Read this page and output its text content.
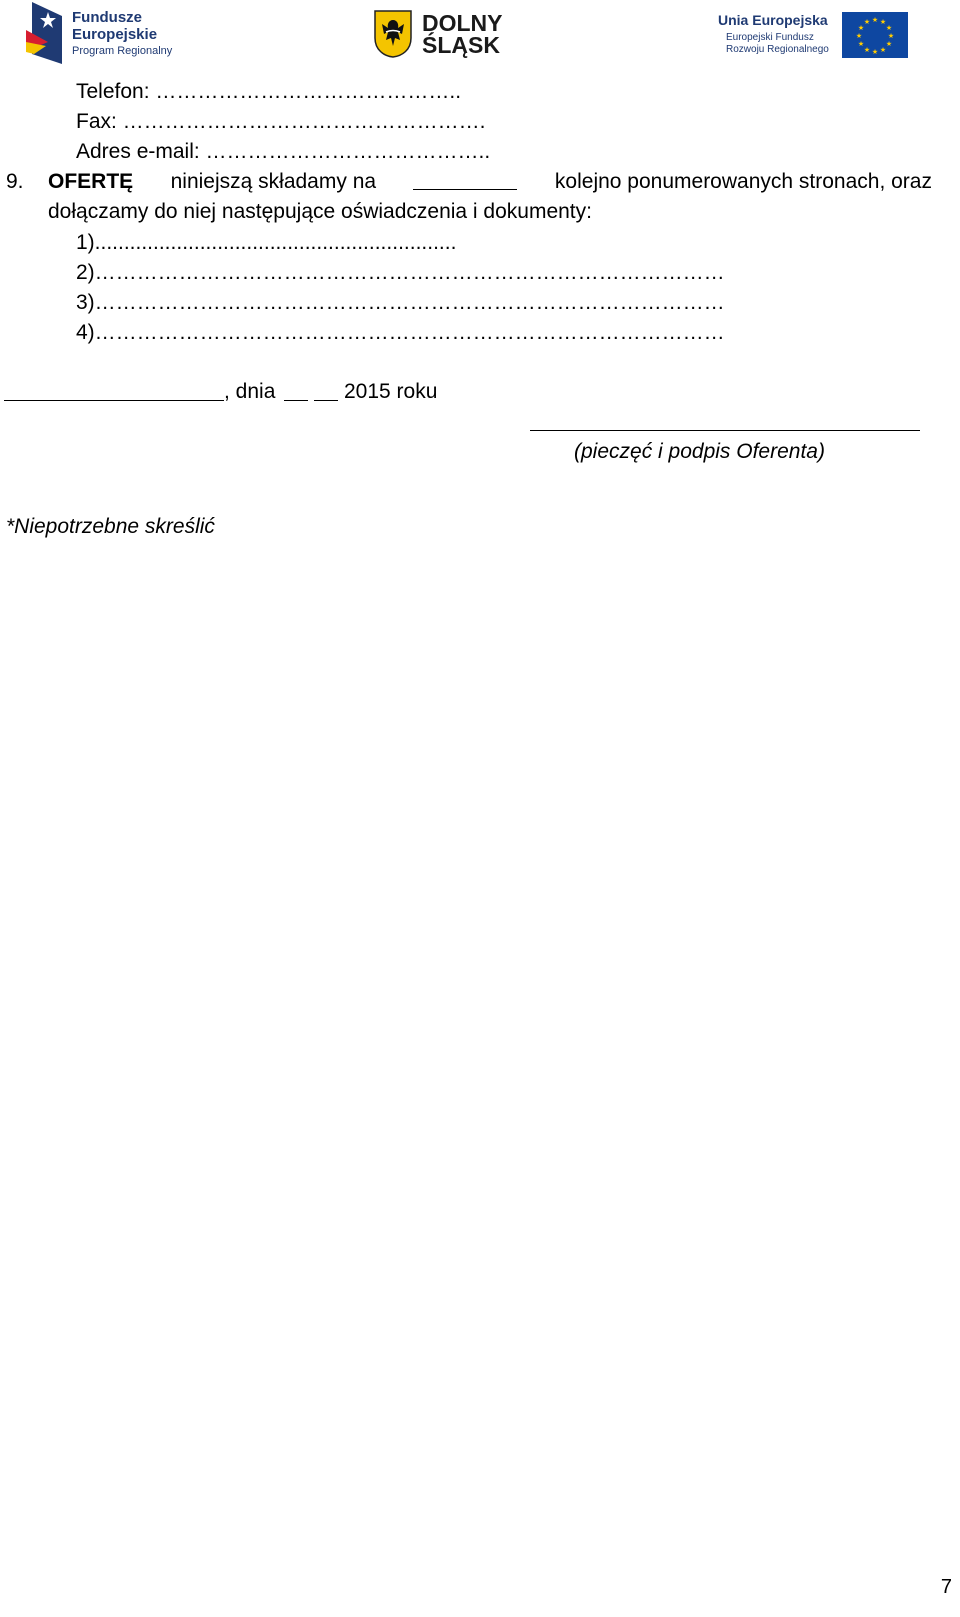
Fundusze
Europejskie
Program Regionalny
DOLNY
ŚLĄSK
Unia Europejska
Europejski Fundusz
Rozwoju Regionalnego
★ ★
★
★
★
★
★
★
★
★
★
★
Telefon: ……………………………………..
Fax: …………………………………………….
Adres e-mail: …………………………………..
9. OFERTĘ niniejszą składamy na	kolejno ponumerowanych stronach, oraz
dołączamy do niej następujące oświadczenia i dokumenty:
1)..............................................................
2)………………………………………………………………………………
3)………………………………………………………………………………
4)………………………………………………………………………………
, dnia	2015 roku
(pieczęć i podpis Oferenta)
*Niepotrzebne skreślić
7
